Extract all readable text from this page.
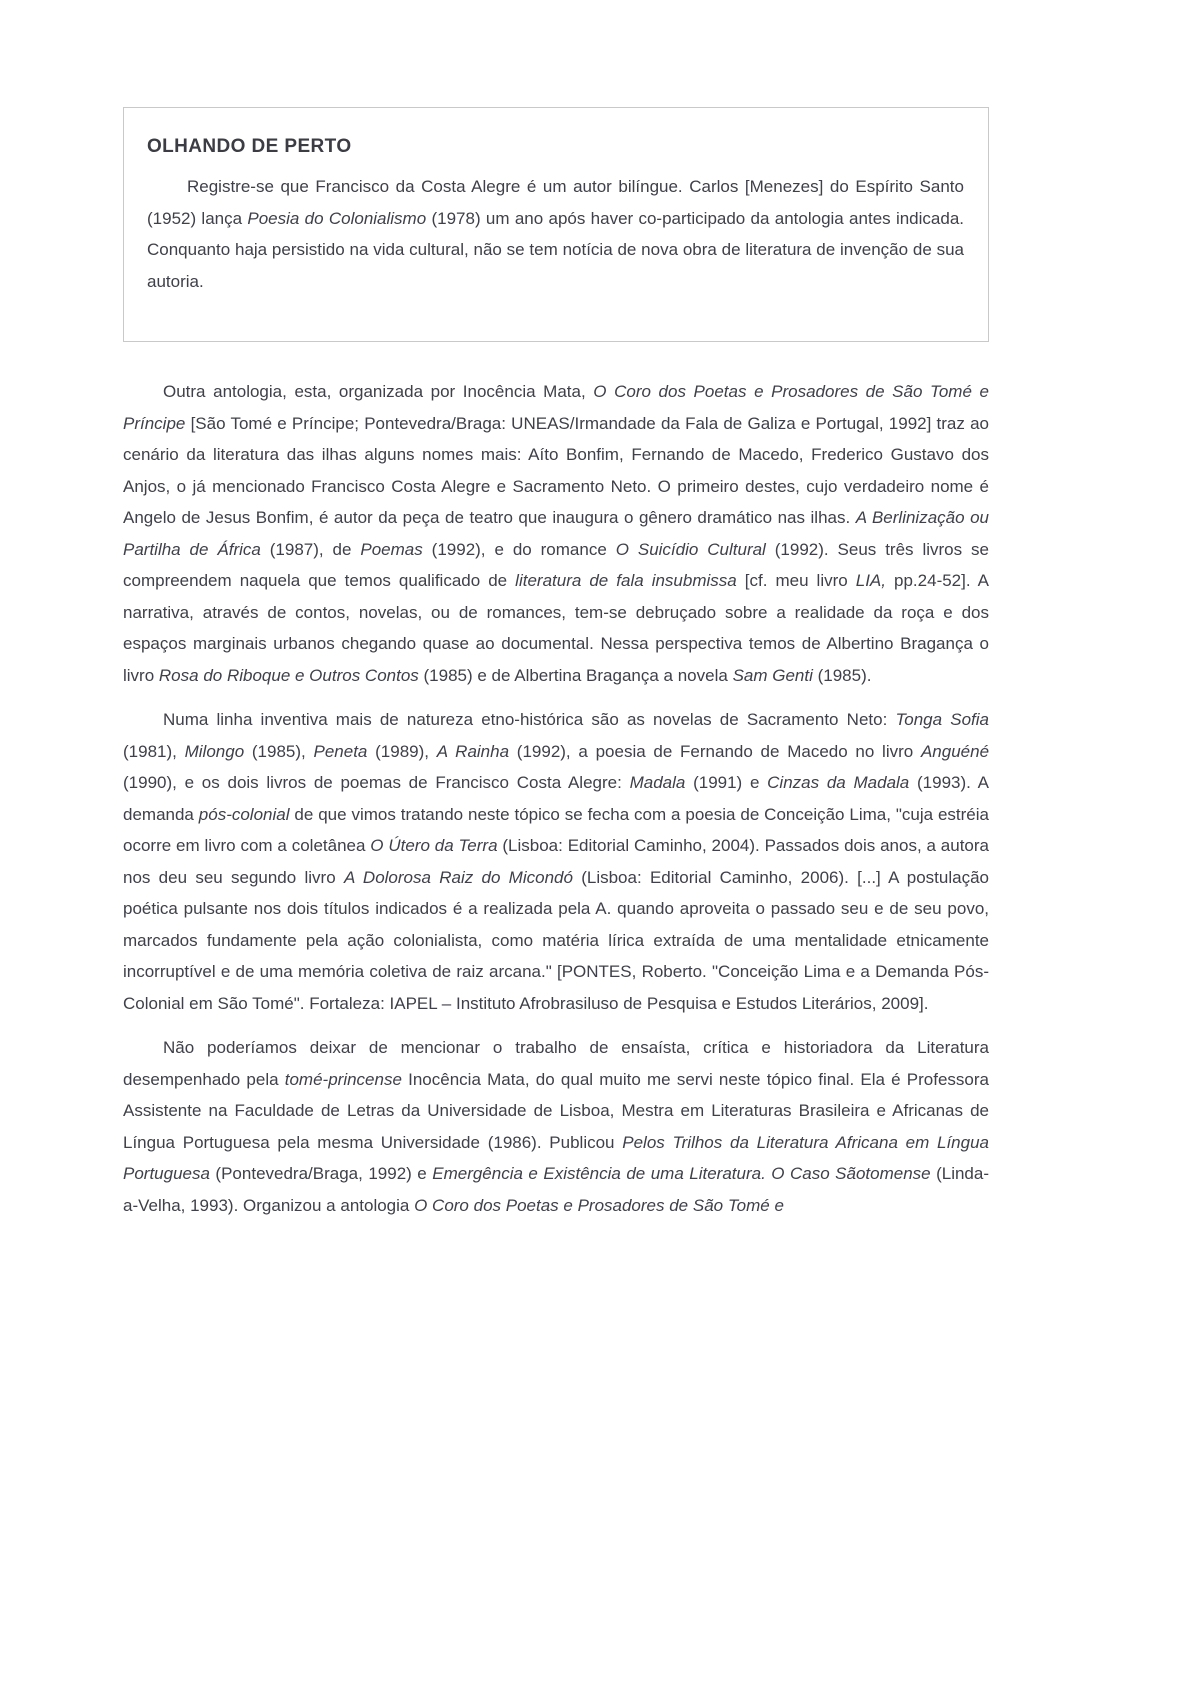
OLHANDO DE PERTO

Registre-se que Francisco da Costa Alegre é um autor bilíngue. Carlos [Menezes] do Espírito Santo (1952) lança Poesia do Colonialismo (1978) um ano após haver co-participado da antologia antes indicada. Conquanto haja persistido na vida cultural, não se tem notícia de nova obra de literatura de invenção de sua autoria.

Outra antologia, esta, organizada por Inocência Mata, O Coro dos Poetas e Prosadores de São Tomé e Príncipe [São Tomé e Príncipe; Pontevedra/Braga: UNEAS/Irmandade da Fala de Galiza e Portugal, 1992] traz ao cenário da literatura das ilhas alguns nomes mais: Aíto Bonfim, Fernando de Macedo, Frederico Gustavo dos Anjos, o já mencionado Francisco Costa Alegre e Sacramento Neto. O primeiro destes, cujo verdadeiro nome é Angelo de Jesus Bonfim, é autor da peça de teatro que inaugura o gênero dramático nas ilhas. A Berlinização ou Partilha de África (1987), de Poemas (1992), e do romance O Suicídio Cultural (1992). Seus três livros se compreendem naquela que temos qualificado de literatura de fala insubmissa [cf. meu livro LIA, pp.24-52]. A narrativa, através de contos, novelas, ou de romances, tem-se debruçado sobre a realidade da roça e dos espaços marginais urbanos chegando quase ao documental. Nessa perspectiva temos de Albertino Bragança o livro Rosa do Riboque e Outros Contos (1985) e de Albertina Bragança a novela Sam Genti (1985).

Numa linha inventiva mais de natureza etno-histórica são as novelas de Sacramento Neto: Tonga Sofia (1981), Milongo (1985), Peneta (1989), A Rainha (1992), a poesia de Fernando de Macedo no livro Anguéné (1990), e os dois livros de poemas de Francisco Costa Alegre: Madala (1991) e Cinzas da Madala (1993). A demanda pós-colonial de que vimos tratando neste tópico se fecha com a poesia de Conceição Lima, "cuja estréia ocorre em livro com a coletânea O Útero da Terra (Lisboa: Editorial Caminho, 2004). Passados dois anos, a autora nos deu seu segundo livro A Dolorosa Raiz do Micondó (Lisboa: Editorial Caminho, 2006). [...] A postulação poética pulsante nos dois títulos indicados é a realizada pela A. quando aproveita o passado seu e de seu povo, marcados fundamente pela ação colonialista, como matéria lírica extraída de uma mentalidade etnicamente incorruptível e de uma memória coletiva de raiz arcana." [PONTES, Roberto. "Conceição Lima e a Demanda Pós-Colonial em São Tomé". Fortaleza: IAPEL – Instituto Afrobrasiluso de Pesquisa e Estudos Literários, 2009].

Não poderíamos deixar de mencionar o trabalho de ensaísta, crítica e historiadora da Literatura desempenhado pela tomé-princense Inocência Mata, do qual muito me servi neste tópico final. Ela é Professora Assistente na Faculdade de Letras da Universidade de Lisboa, Mestra em Literaturas Brasileira e Africanas de Língua Portuguesa pela mesma Universidade (1986). Publicou Pelos Trilhos da Literatura Africana em Língua Portuguesa (Pontevedra/Braga, 1992) e Emergência e Existência de uma Literatura. O Caso Sãotomense (Linda-a-Velha, 1993). Organizou a antologia O Coro dos Poetas e Prosadores de São Tomé e
